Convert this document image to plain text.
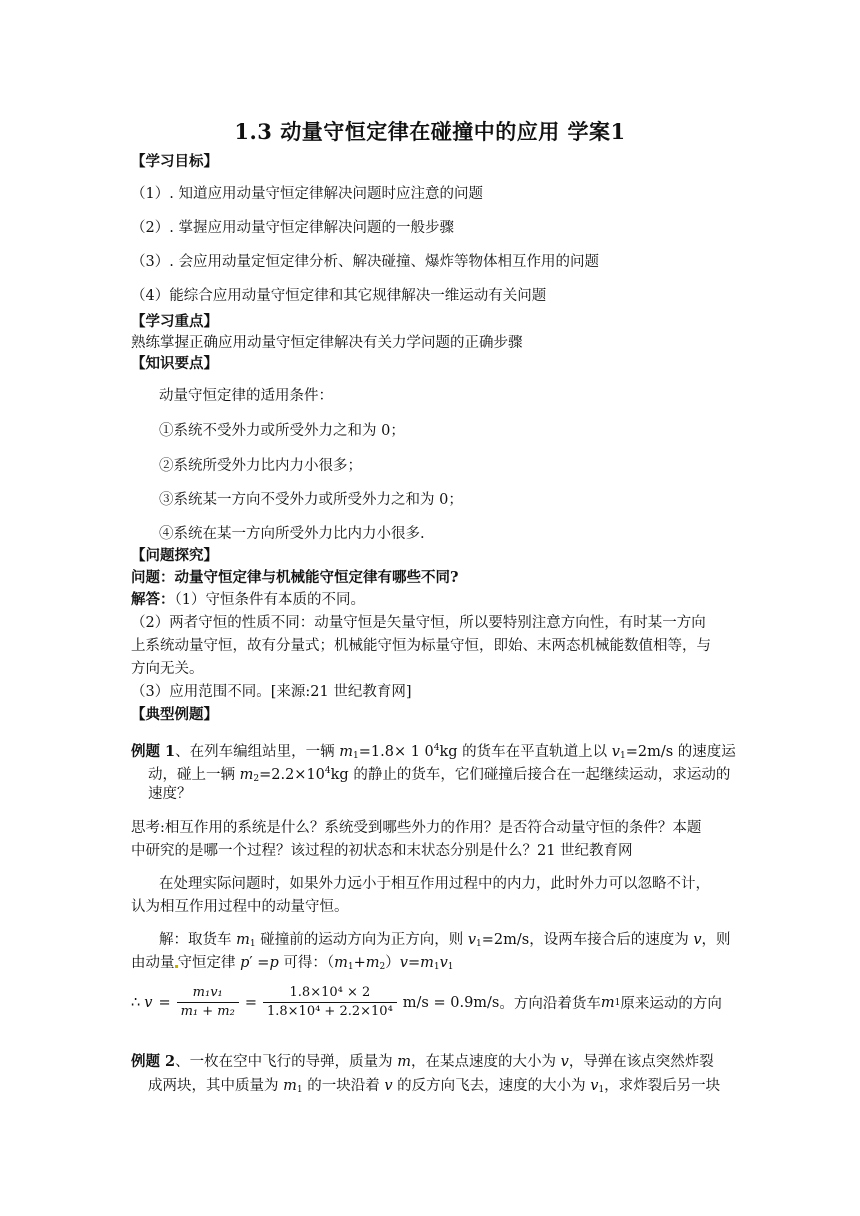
1.3 动量守恒定律在碰撞中的应用 学案1
【学习目标】
（1）. 知道应用动量守恒定律解决问题时应注意的问题
（2）. 掌握应用动量守恒定律解决问题的一般步骤
（3）. 会应用动量定恒定律分析、解决碰撞、爆炸等物体相互作用的问题
（4）能综合应用动量守恒定律和其它规律解决一维运动有关问题
【学习重点】
熟练掌握正确应用动量守恒定律解决有关力学问题的正确步骤
【知识要点】
动量守恒定律的适用条件：
①系统不受外力或所受外力之和为 0；
②系统所受外力比内力小很多；
③系统某一方向不受外力或所受外力之和为 0；
④系统在某一方向所受外力比内力小很多.
【问题探究】
问题：动量守恒定律与机械能守恒定律有哪些不同?
解答：（1）守恒条件有本质的不同。
（2）两者守恒的性质不同：动量守恒是矢量守恒，所以要特别注意方向性，有时某一方向
上系统动量守恒，故有分量式；机械能守恒为标量守恒，即始、末两态机械能数值相等，与
方向无关。
（3）应用范围不同。[来源:21 世纪教育网]
【典型例题】
例题 1、在列车编组站里，一辆 $m_1=1.8\times 1$ $0^4kg$ 的货车在平直轨道上以 $v_1=2m/s$ 的速度运
动，碰上一辆 $m_2=2.2\times 10^4kg$ 的静止的货车，它们碰撞后接合在一起继续运动，求运动的
速度？
思考:相互作用的系统是什么？系统受到哪些外力的作用？是否符合动量守恒的条件？本题
中研究的是哪一个过程？该过程的初状态和末状态分别是什么？21 世纪教育网
在处理实际问题时，如果外力远小于相互作用过程中的内力，此时外力可以忽略不计，
认为相互作用过程中的动量守恒。
解：取货车 $m_1$ 碰撞前的运动方向为正方向，则 $v_1=2m/s$，设两车接合后的速度为 v，则
由动量 守恒定律 p′ =p 可得：$(m_1+m_2)v=m_1v_1$
∴ $v = \frac{\text{m₁v₁}}{\text{m₁ + m₂}} = \frac{\text{1.8×10⁴ × 2}}{\text{1.8×10⁴ + 2.2×10⁴}} m/s = 0.9m/s$ 。方向沿着货车 m 1 原来运动的方向
例题 2、一枚在空中飞行的导弹，质量为 m，在某点速度的大小为 v，导弹在该点突然炸裂
成两块，其中质量为 $m_1$ 的一块沿着 v 的反方向飞去，速度的大小为 $v_1$，求炸裂后另一块
